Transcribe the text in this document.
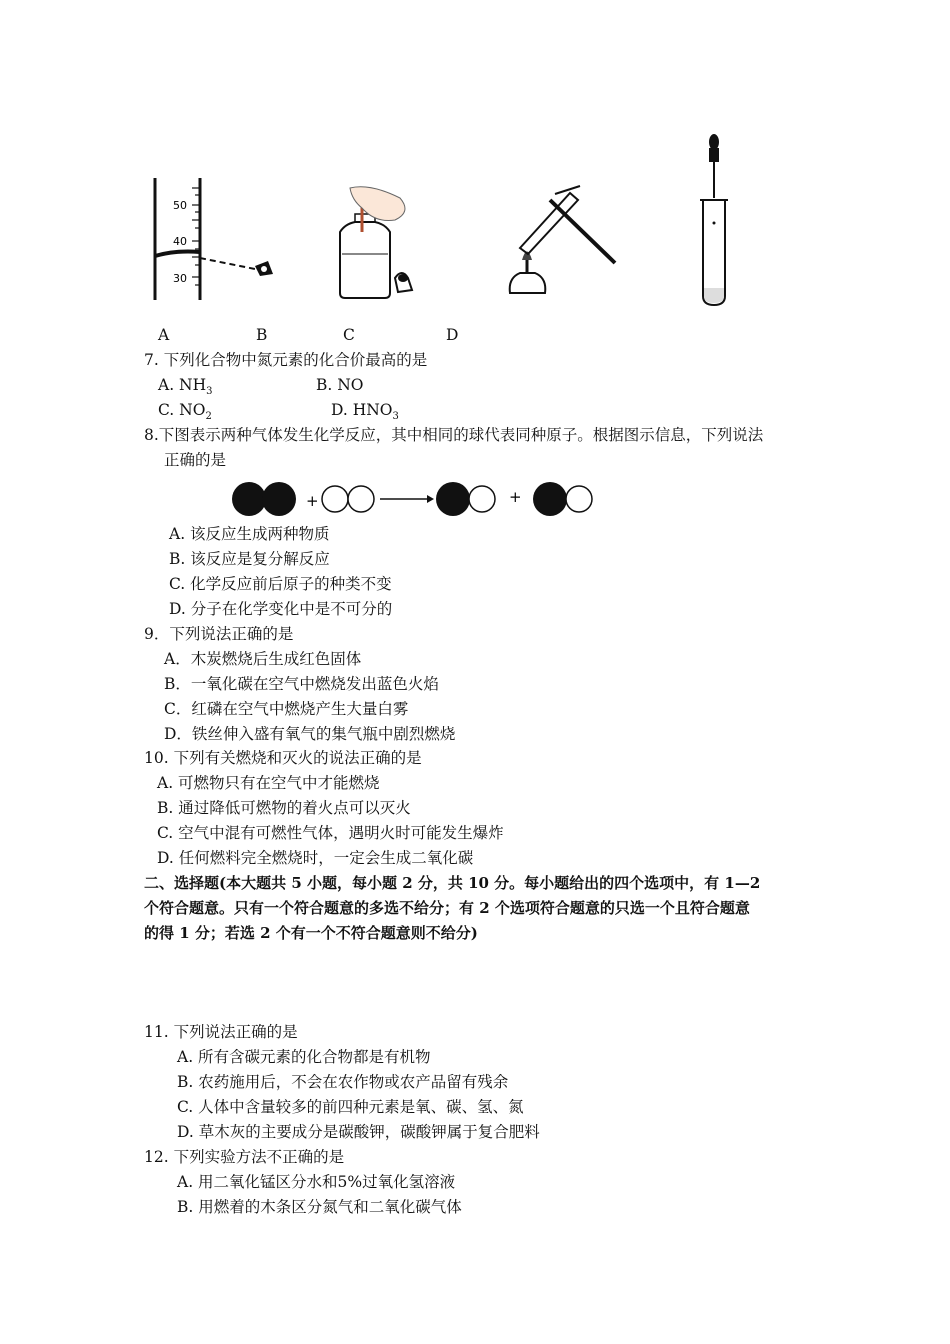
50
40
30
A	B	C	D
7. 下列化合物中氮元素的化合价最高的是
A. $NH_3$	B. NO
C. $NO_2$	D. $HNO_3$
8.下图表示两种气体发生化学反应，其中相同的球代表同种原子。根据图示信息，下列说法
正确的是
+	+
A. 该反应生成两种物质
B. 该反应是复分解反应
C. 化学反应前后原子的种类不变
D. 分子在化学变化中是不可分的
9．下列说法正确的是
A．木炭燃烧后生成红色固体
B．一氧化碳在空气中燃烧发出蓝色火焰
C．红磷在空气中燃烧产生大量白雾
D．铁丝伸入盛有氧气的集气瓶中剧烈燃烧
10. 下列有关燃烧和灭火的说法正确的是
A. 可燃物只有在空气中才能燃烧
B. 通过降低可燃物的着火点可以灭火
C. 空气中混有可燃性气体，遇明火时可能发生爆炸
D. 任何燃料完全燃烧时，一定会生成二氧化碳
二、选择题(本大题共 5 小题，每小题 2 分，共 10 分。每小题给出的四个选项中，有 1—2
个符合题意。只有一个符合题意的多选不给分；有 2 个选项符合题意的只选一个且符合题意
的得 1 分；若选 2 个有一个不符合题意则不给分)
11. 下列说法正确的是
A. 所有含碳元素的化合物都是有机物
B. 农药施用后，不会在农作物或农产品留有残余
C. 人体中含量较多的前四种元素是氧、碳、氢、氮
D. 草木灰的主要成分是碳酸钾，碳酸钾属于复合肥料
12. 下列实验方法不正确的是
A. 用二氧化锰区分水和5%过氧化氢溶液
B. 用燃着的木条区分氮气和二氧化碳气体
